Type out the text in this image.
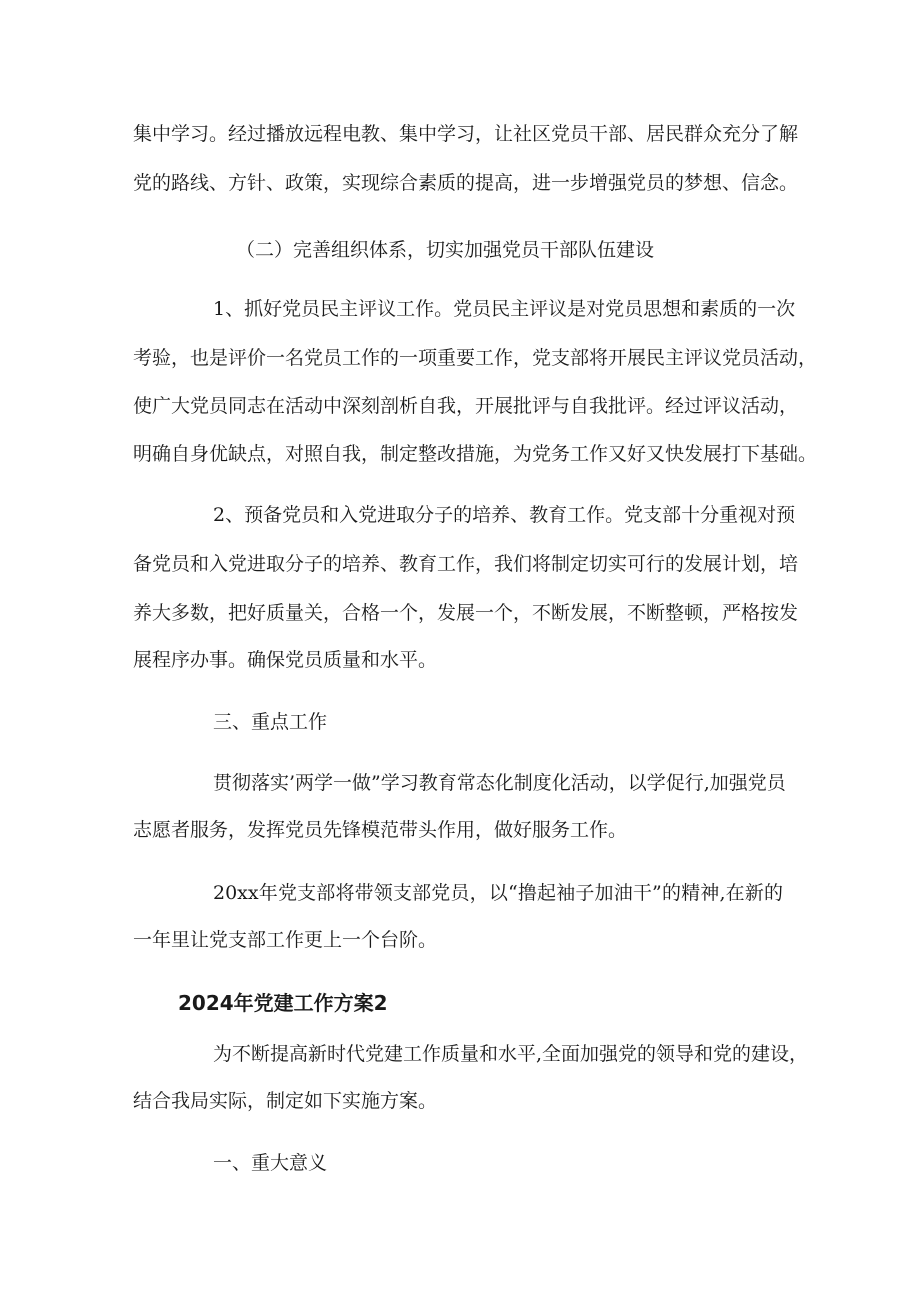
集中学习。经过播放远程电教、集中学习，让社区党员干部、居民群众充分了解
党的路线、方针、政策，实现综合素质的提高，进一步增强党员的梦想、信念。
（二）完善组织体系，切实加强党员干部队伍建设
1、抓好党员民主评议工作。党员民主评议是对党员思想和素质的一次
考验，也是评价一名党员工作的一项重要工作，党支部将开展民主评议党员活动，
使广大党员同志在活动中深刻剖析自我，开展批评与自我批评。经过评议活动，
明确自身优缺点，对照自我，制定整改措施，为党务工作又好又快发展打下基础。
2、预备党员和入党进取分子的培养、教育工作。党支部十分重视对预
备党员和入党进取分子的培养、教育工作，我们将制定切实可行的发展计划，培
养大多数，把好质量关，合格一个，发展一个，不断发展，不断整顿，严格按发
展程序办事。确保党员质量和水平。
三、重点工作
贯彻落实’两学一做”学习教育常态化制度化活动，以学促行,加强党员
志愿者服务，发挥党员先锋模范带头作用，做好服务工作。
20xx年党支部将带领支部党员，以“撸起袖子加油干”的精神,在新的
一年里让党支部工作更上一个台阶。
2024年党建工作方案2
为不断提高新时代党建工作质量和水平,全面加强党的领导和党的建设，
结合我局实际，制定如下实施方案。
一、重大意义
